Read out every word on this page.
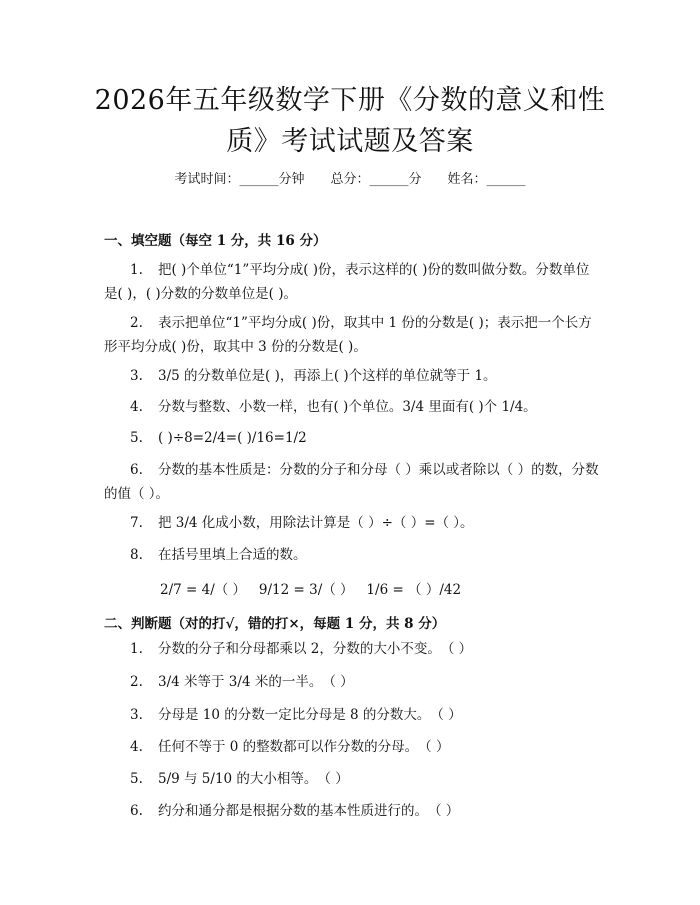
2026年五年级数学下册《分数的意义和性质》考试试题及答案
考试时间：______分钟　　总分：______分　　姓名：______
一、填空题（每空 1 分，共 16 分）
1. 把( )个单位“1”平均分成( )份，表示这样的( )份的数叫做分数。分数单位是( )，( )分数的分数单位是( )。
2. 表示把单位“1”平均分成( )份，取其中 1 份的分数是( )；表示把一个长方形平均分成( )份，取其中 3 份的分数是( )。
3. 3/5 的分数单位是( )，再添上( )个这样的单位就等于 1。
4. 分数与整数、小数一样，也有( )个单位。3/4 里面有( )个 1/4。
5. ( )÷8=2/4=( )/16=1/2
6. 分数的基本性质是：分数的分子和分母（ ）乘以或者除以（ ）的数，分数的值（ ）。
7. 把 3/4 化成小数，用除法计算是（ ）÷（ ）=（ ）。
8. 在括号里填上合适的数。
2/7 = 4/（ ）   9/12 = 3/（ ）   1/6 = （ ）/42
二、判断题（对的打√，错的打×，每题 1 分，共 8 分）
1. 分数的分子和分母都乘以 2，分数的大小不变。　（ ）
2. 3/4 米等于 3/4 米的一半。　（ ）
3. 分母是 10 的分数一定比分母是 8 的分数大。　（ ）
4. 任何不等于 0 的整数都可以作分数的分母。　（ ）
5. 5/9 与 5/10 的大小相等。　（ ）
6. 约分和通分都是根据分数的基本性质进行的。　（ ）
